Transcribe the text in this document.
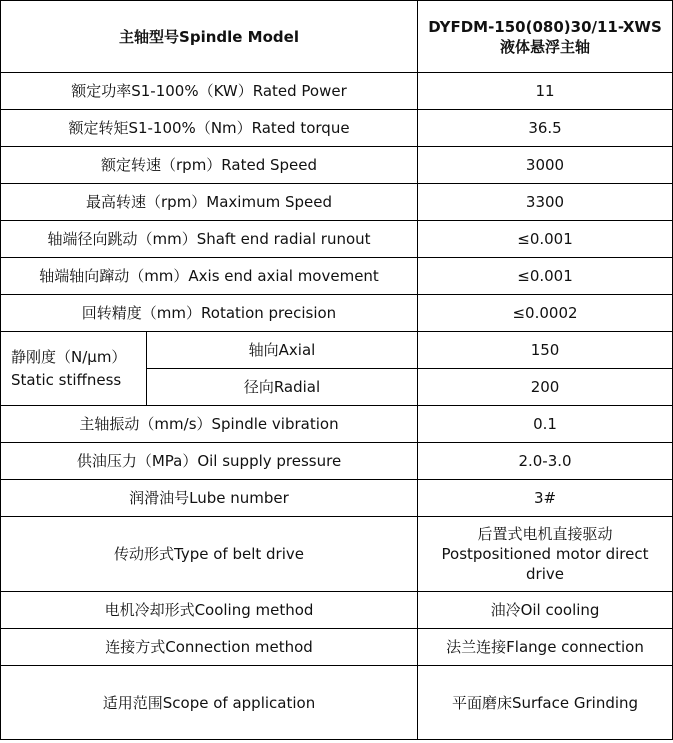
主轴型号Spindle Model		DYFDM-150(080)30/11-XWS
液体悬浮主轴

额定功率S1-100%（KW）Rated Power		11
额定转矩S1-100%（Nm）Rated torque		36.5
额定转速（rpm）Rated Speed		3000
最高转速（rpm）Maximum Speed		3300
轴端径向跳动（mm）Shaft end radial runout		≤0.001
轴端轴向蹿动（mm）Axis end axial movement		≤0.001
回转精度（mm）Rotation precision		≤0.0002

静刚度（N/μm）
Static stiffness	轴向Axial	150
	径向Radial	200
主轴振动（mm/s）Spindle vibration		0.1
供油压力（MPa）Oil supply pressure		2.0-3.0
润滑油号Lube number		3#
传动形式Type of belt drive		后置式电机直接驱动
Postpositioned motor direct
drive

电机冷却形式Cooling method		油冷Oil cooling
连接方式Connection method		法兰连接Flange connection
适用范围Scope of application		平面磨床Surface Grinding
